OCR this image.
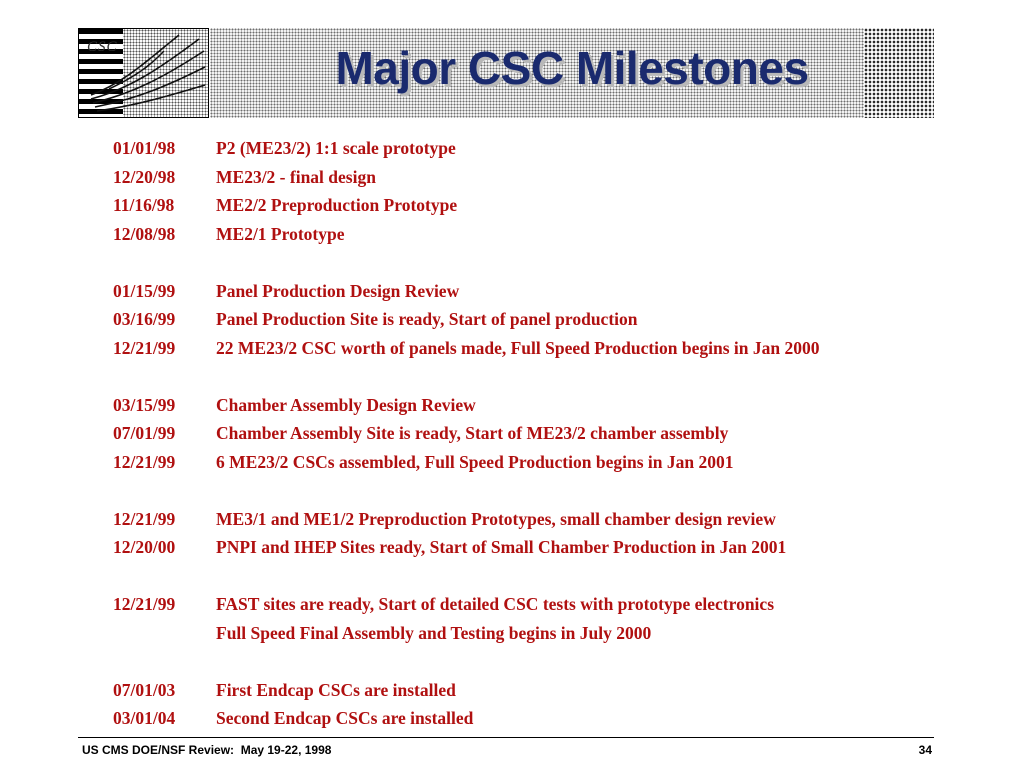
CSC	Major CSC Milestones
01/01/98 P2 (ME23/2) 1:1 scale prototype
12/20/98 ME23/2 - final design
11/16/98 ME2/2 Preproduction Prototype
12/08/98 ME2/1 Prototype
01/15/99 Panel Production Design Review
03/16/99 Panel Production Site is ready, Start of panel production
12/21/99 22 ME23/2 CSC worth of panels made, Full Speed Production begins in Jan 2000
03/15/99 Chamber Assembly Design Review
07/01/99 Chamber Assembly Site is ready, Start of ME23/2 chamber assembly
12/21/99 6 ME23/2 CSCs assembled, Full Speed Production begins in Jan 2001
12/21/99 ME3/1 and ME1/2 Preproduction Prototypes, small chamber design review
12/20/00 PNPI and IHEP Sites ready, Start of Small Chamber Production in Jan 2001
12/21/99 FAST sites are ready, Start of detailed CSC tests with prototype electronics
Full Speed Final Assembly and Testing begins in July 2000
07/01/03 First Endcap CSCs are installed
03/01/04 Second Endcap CSCs are installed
US CMS DOE/NSF Review:  May 19-22, 1998	34
